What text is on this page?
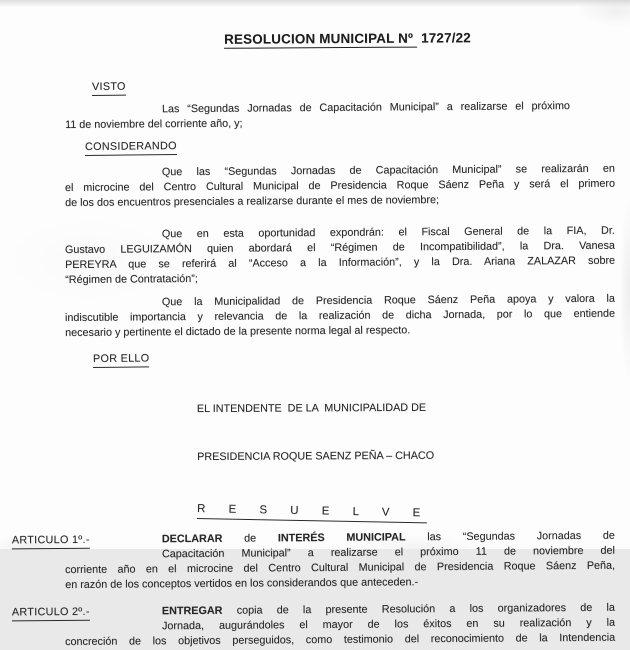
RESOLUCION MUNICIPAL Nº 1727/22
VISTO
Las “Segundas Jornadas de Capacitación Municipal” a realizarse el próximo
11 de noviembre del corriente año, y;
CONSIDERANDO
Que las “Segundas Jornadas de Capacitación Municipal” se realizarán en
el microcine del Centro Cultural Municipal de Presidencia Roque Sáenz Peña y será el primero
de los dos encuentros presenciales a realizarse durante el mes de noviembre;
Que en esta oportunidad expondrán: el Fiscal General de la FIA, Dr.
Gustavo LEGUIZAMÓN quien abordará el “Régimen de Incompatibilidad”, la Dra. Vanesa
PEREYRA que se referirá al “Acceso a la Información”, y la Dra. Ariana ZALAZAR sobre
“Régimen de Contratación”;
Que la Municipalidad de Presidencia Roque Sáenz Peña apoya y valora la
indiscutible importancia y relevancia de la realización de dicha Jornada, por lo que entiende
necesario y pertinente el dictado de la presente norma legal al respecto.
POR ELLO

EL INTENDENTE  DE LA  MUNICIPALIDAD DE

PRESIDENCIA ROQUE SAENZ PEÑA – CHACO

R E S U E L V E
ARTICULO 1º.-	DECLARAR de INTERÉS MUNICIPAL las “Segundas Jornadas de
Capacitación Municipal” a realizarse el próximo 11 de noviembre del
corriente año en el microcine del Centro Cultural Municipal de Presidencia Roque Sáenz Peña,
en razón de los conceptos vertidos en los considerandos que anteceden.-
ARTICULO 2º.-	ENTREGAR copia de la presente Resolución a los organizadores de la
Jornada, augurándoles el mayor de los éxitos en su realización y la
concreción de los objetivos perseguidos, como testimonio del reconocimiento de la Intendencia
